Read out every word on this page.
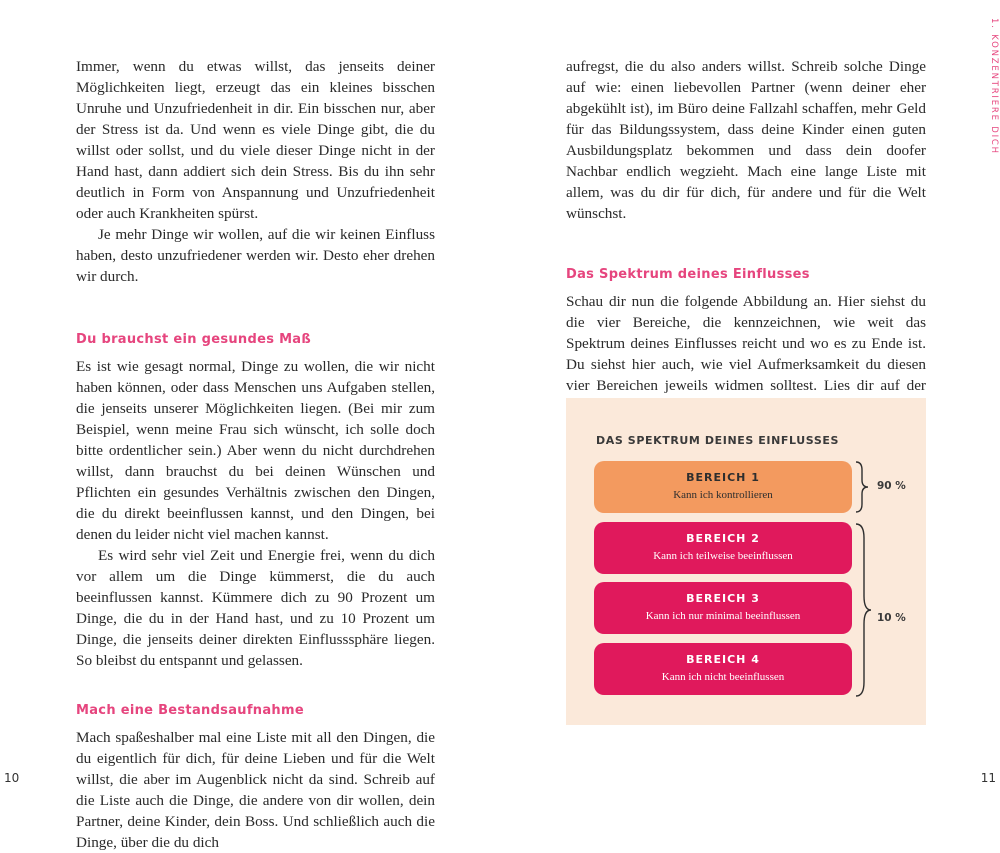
1. KONZENTRIERE DICH

Immer, wenn du etwas willst, das jenseits deiner Möglichkeiten liegt, erzeugt das ein kleines bisschen Unruhe und Unzufriedenheit in dir. Ein bisschen nur, aber der Stress ist da. Und wenn es viele Dinge gibt, die du willst oder sollst, und du viele dieser Dinge nicht in der Hand hast, dann addiert sich dein Stress. Bis du ihn sehr deutlich in Form von Anspannung und Unzufriedenheit oder auch Krankheiten spürst.

Je mehr Dinge wir wollen, auf die wir keinen Einfluss haben, desto unzufriedener werden wir. Desto eher drehen wir durch.

Du brauchst ein gesundes Maß

Es ist wie gesagt normal, Dinge zu wollen, die wir nicht haben können, oder dass Menschen uns Aufgaben stellen, die jenseits unserer Möglichkeiten liegen. (Bei mir zum Beispiel, wenn meine Frau sich wünscht, ich solle doch bitte ordentlicher sein.) Aber wenn du nicht durchdrehen willst, dann brauchst du bei deinen Wünschen und Pflichten ein gesundes Verhältnis zwischen den Dingen, die du direkt beeinflussen kannst, und den Dingen, bei denen du leider nicht viel machen kannst.

Es wird sehr viel Zeit und Energie frei, wenn du dich vor allem um die Dinge kümmerst, die du auch beeinflussen kannst. Kümmere dich zu 90 Prozent um Dinge, die du in der Hand hast, und zu 10 Prozent um Dinge, die jenseits deiner direkten Einflusssphäre liegen. So bleibst du entspannt und gelassen.

Mach eine Bestandsaufnahme

Mach spaßeshalber mal eine Liste mit all den Dingen, die du eigentlich für dich, für deine Lieben und für die Welt willst, die aber im Augenblick nicht da sind. Schreib auf die Liste auch die Dinge, die andere von dir wollen, dein Partner, deine Kinder, dein Boss. Und schließlich auch die Dinge, über die du dich

aufregst, die du also anders willst. Schreib solche Dinge auf wie: einen liebevollen Partner (wenn deiner eher abgekühlt ist), im Büro deine Fallzahl schaffen, mehr Geld für das Bildungssystem, dass deine Kinder einen guten Ausbildungsplatz bekommen und dass dein doofer Nachbar endlich wegzieht. Mach eine lange Liste mit allem, was du dir für dich, für andere und für die Welt wünschst.

Das Spektrum deines Einflusses

Schau dir nun die folgende Abbildung an. Hier siehst du die vier Bereiche, die kennzeichnen, wie weit das Spektrum deines Einflusses reicht und wo es zu Ende ist. Du siehst hier auch, wie viel Aufmerksamkeit du diesen vier Bereichen jeweils widmen solltest. Lies dir auf der

DAS SPEKTRUM DEINES EINFLUSSES
BEREICH 1
Kann ich kontrollieren
BEREICH 2
Kann ich teilweise beeinflussen
BEREICH 3
Kann ich nur minimal beeinflussen
BEREICH 4
Kann ich nicht beeinflussen
90 %
10 %
10	11
